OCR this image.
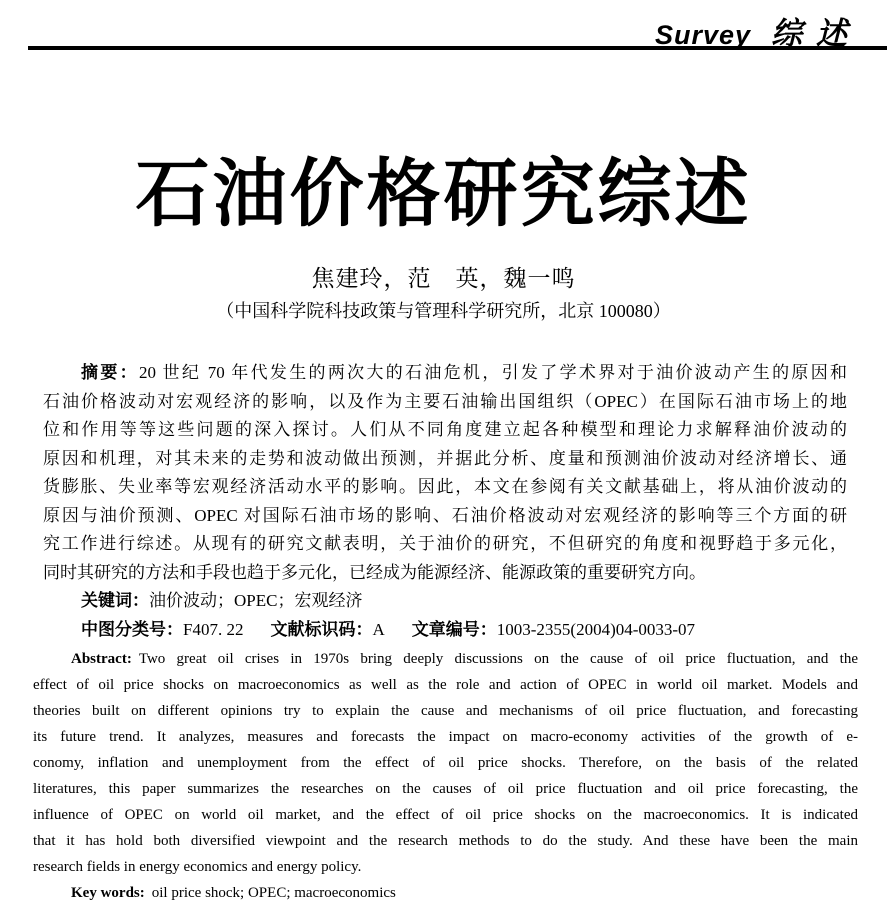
Survey 综述
石油价格研究综述
焦建玲，范　英，魏一鸣
（中国科学院科技政策与管理科学研究所，北京 100080）
摘要：20 世纪 70 年代发生的两次大的石油危机，引发了学术界对于油价波动产生的原因和
石油价格波动对宏观经济的影响，以及作为主要石油输出国组织（OPEC）在国际石油市场上的地
位和作用等等这些问题的深入探讨。人们从不同角度建立起各种模型和理论力求解释油价波动的
原因和机理，对其未来的走势和波动做出预测，并据此分析、度量和预测油价波动对经济增长、通
货膨胀、失业率等宏观经济活动水平的影响。因此，本文在参阅有关文献基础上，将从油价波动的
原因与油价预测、OPEC 对国际石油市场的影响、石油价格波动对宏观经济的影响等三个方面的研
究工作进行综述。从现有的研究文献表明，关于油价的研究，不但研究的角度和视野趋于多元化，
同时其研究的方法和手段也趋于多元化，已经成为能源经济、能源政策的重要研究方向。
关键词：油价波动；OPEC；宏观经济
中图分类号：F407. 22 文献标识码：A 文章编号：1003-2355(2004)04-0033-07
Abstract: Two great oil crises in 1970s bring deeply discussions on the cause of oil price fluctuation, and the
effect of oil price shocks on macroeconomics as well as the role and action of OPEC in world oil market. Models and
theories built on different opinions try to explain the cause and mechanisms of oil price fluctuation, and forecasting
its future trend. It analyzes, measures and forecasts the impact on macro-economy activities of the growth of e-
conomy, inflation and unemployment from the effect of oil price shocks. Therefore, on the basis of the related
literatures, this paper summarizes the researches on the causes of oil price fluctuation and oil price forecasting, the
influence of OPEC on world oil market, and the effect of oil price shocks on the macroeconomics. It is indicated
that it has hold both diversified viewpoint and the research methods to do the study. And these have been the main
research fields in energy economics and energy policy.
Key words: oil price shock; OPEC; macroeconomics
